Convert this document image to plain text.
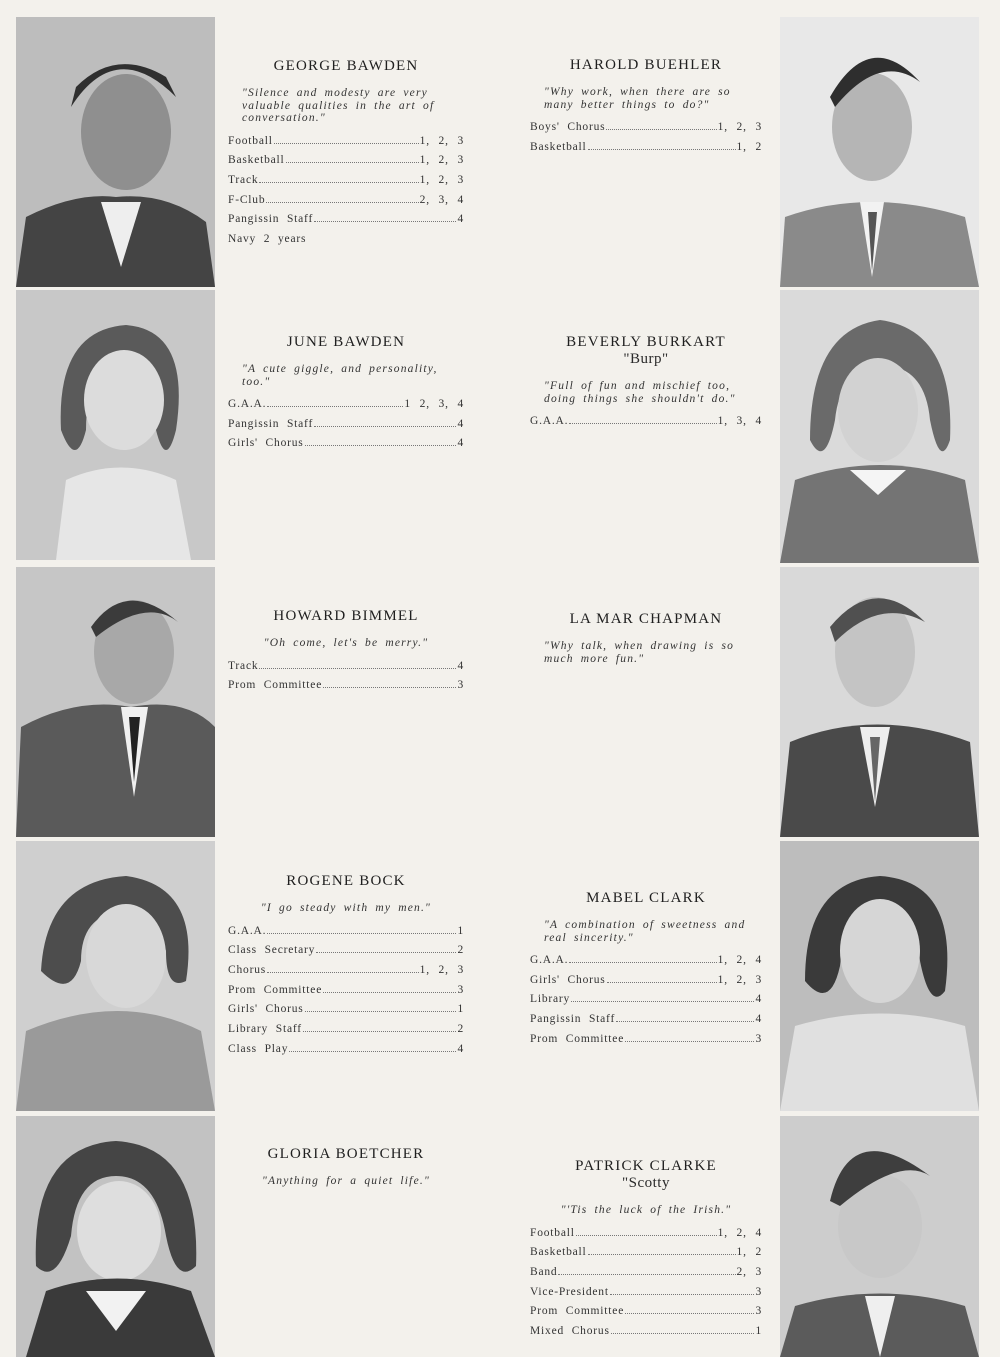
GEORGE BAWDEN

"Silence and modesty are very valuable qualities in the art of conversation."

Football	1, 2, 3
Basketball	1, 2, 3
Track	1, 2, 3
F-Club	2, 3, 4
Pangissin Staff	4
Navy 2 years

JUNE BAWDEN

"A cute giggle, and personality, too."

G.A.A.	1 2, 3, 4
Pangissin Staff	4
Girls' Chorus	4

HOWARD BIMMEL

"Oh come, let's be merry."

Track	4
Prom Committee	3

ROGENE BOCK

"I go steady with my men."

G.A.A.	1
Class Secretary	2
Chorus	1, 2, 3
Prom Committee	3
Girls' Chorus	1
Library Staff	2
Class Play	4

GLORIA BOETCHER

"Anything for a quiet life."

HAROLD BUEHLER

"Why work, when there are so many better things to do?"

Boys' Chorus	1, 2, 3
Basketball	1, 2

BEVERLY BURKART

"Burp"

"Full of fun and mischief too, doing things she shouldn't do."

G.A.A.	1, 3, 4

LA MAR CHAPMAN

"Why talk, when drawing is so much more fun."

MABEL CLARK

"A combination of sweetness and real sincerity."

G.A.A.	1, 2, 4
Girls' Chorus	1, 2, 3
Library	4
Pangissin Staff	4
Prom Committee	3

PATRICK CLARKE

"Scotty

"'Tis the luck of the Irish."

Football	1, 2, 4
Basketball	1, 2
Band	2, 3
Vice-President	3
Prom Committee	3
Mixed Chorus	1
